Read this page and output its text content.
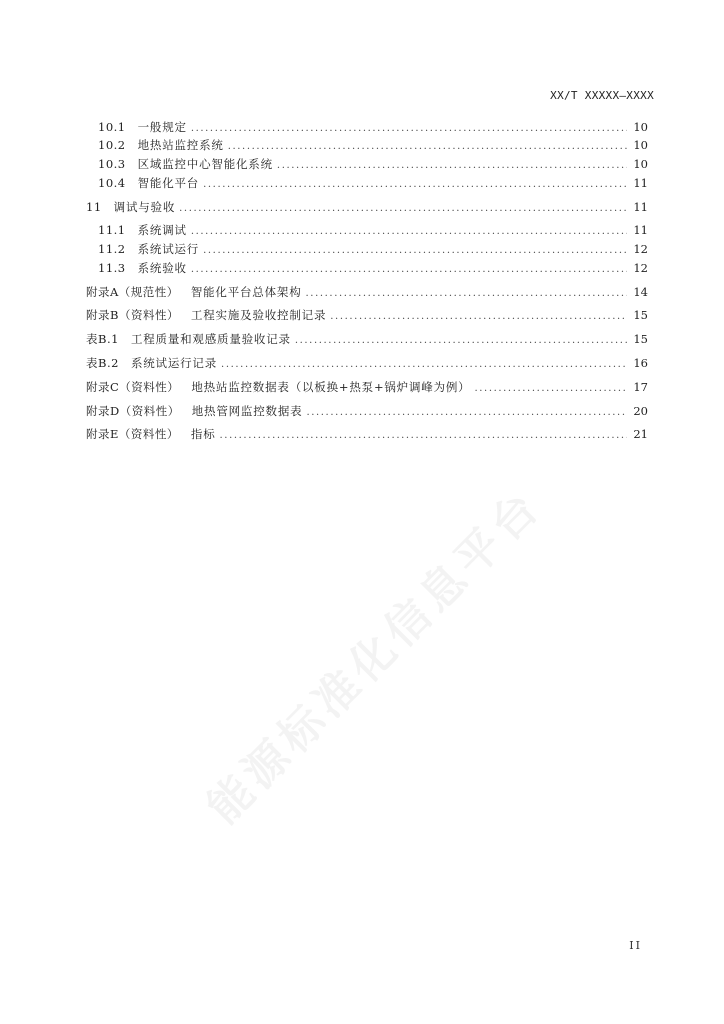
XX/T XXXXX—XXXX
10.1 一般规定 .....	10
10.2 地热站监控系统 .....	10
10.3 区域监控中心智能化系统 .....	10
10.4 智能化平台 .....	11
11 调试与验收 .....	11
11.1 系统调试 .....	11
11.2 系统试运行 .....	12
11.3 系统验收 .....	12
附录A（规范性） 智能化平台总体架构 .....	14
附录B（资料性） 工程实施及验收控制记录 .....	15
表B.1 工程质量和观感质量验收记录 .....	15
表B.2 系统试运行记录 .....	16
附录C（资料性） 地热站监控数据表（以板换+热泵+锅炉调峰为例） .....	17
附录D（资料性） 地热管网监控数据表 .....	20
附录E（资料性） 指标 .....	21
能源标准化信息平台
II
